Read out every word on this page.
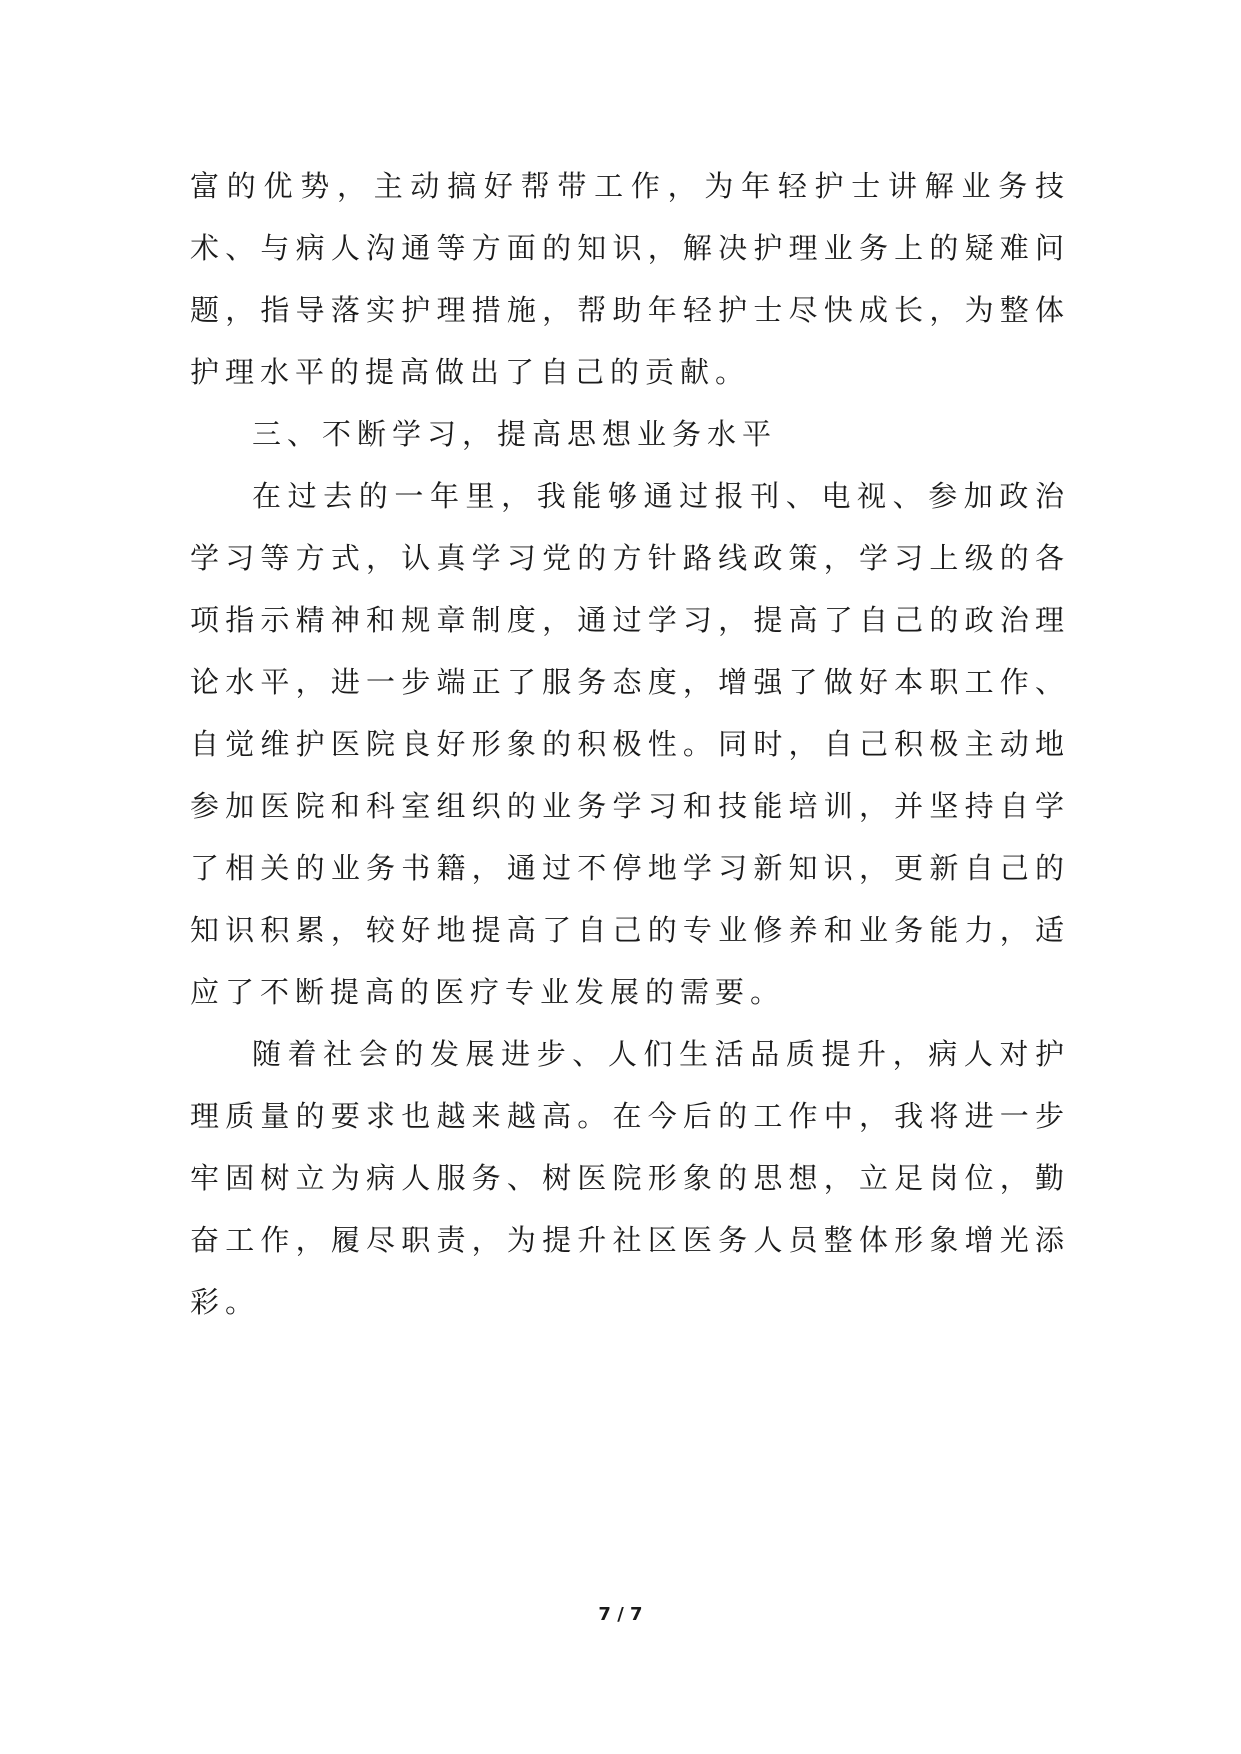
富的优势，主动搞好帮带工作，为年轻护士讲解业务技术、与病人沟通等方面的知识，解决护理业务上的疑难问题，指导落实护理措施，帮助年轻护士尽快成长，为整体护理水平的提高做出了自己的贡献。

三、不断学习，提高思想业务水平

在过去的一年里，我能够通过报刊、电视、参加政治学习等方式，认真学习党的方针路线政策，学习上级的各项指示精神和规章制度，通过学习，提高了自己的政治理论水平，进一步端正了服务态度，增强了做好本职工作、自觉维护医院良好形象的积极性。同时，自己积极主动地参加医院和科室组织的业务学习和技能培训，并坚持自学了相关的业务书籍，通过不停地学习新知识，更新自己的知识积累，较好地提高了自己的专业修养和业务能力，适应了不断提高的医疗专业发展的需要。

随着社会的发展进步、人们生活品质提升，病人对护理质量的要求也越来越高。在今后的工作中，我将进一步牢固树立为病人服务、树医院形象的思想，立足岗位，勤奋工作，履尽职责，为提升社区医务人员整体形象增光添彩。

7 / 7
